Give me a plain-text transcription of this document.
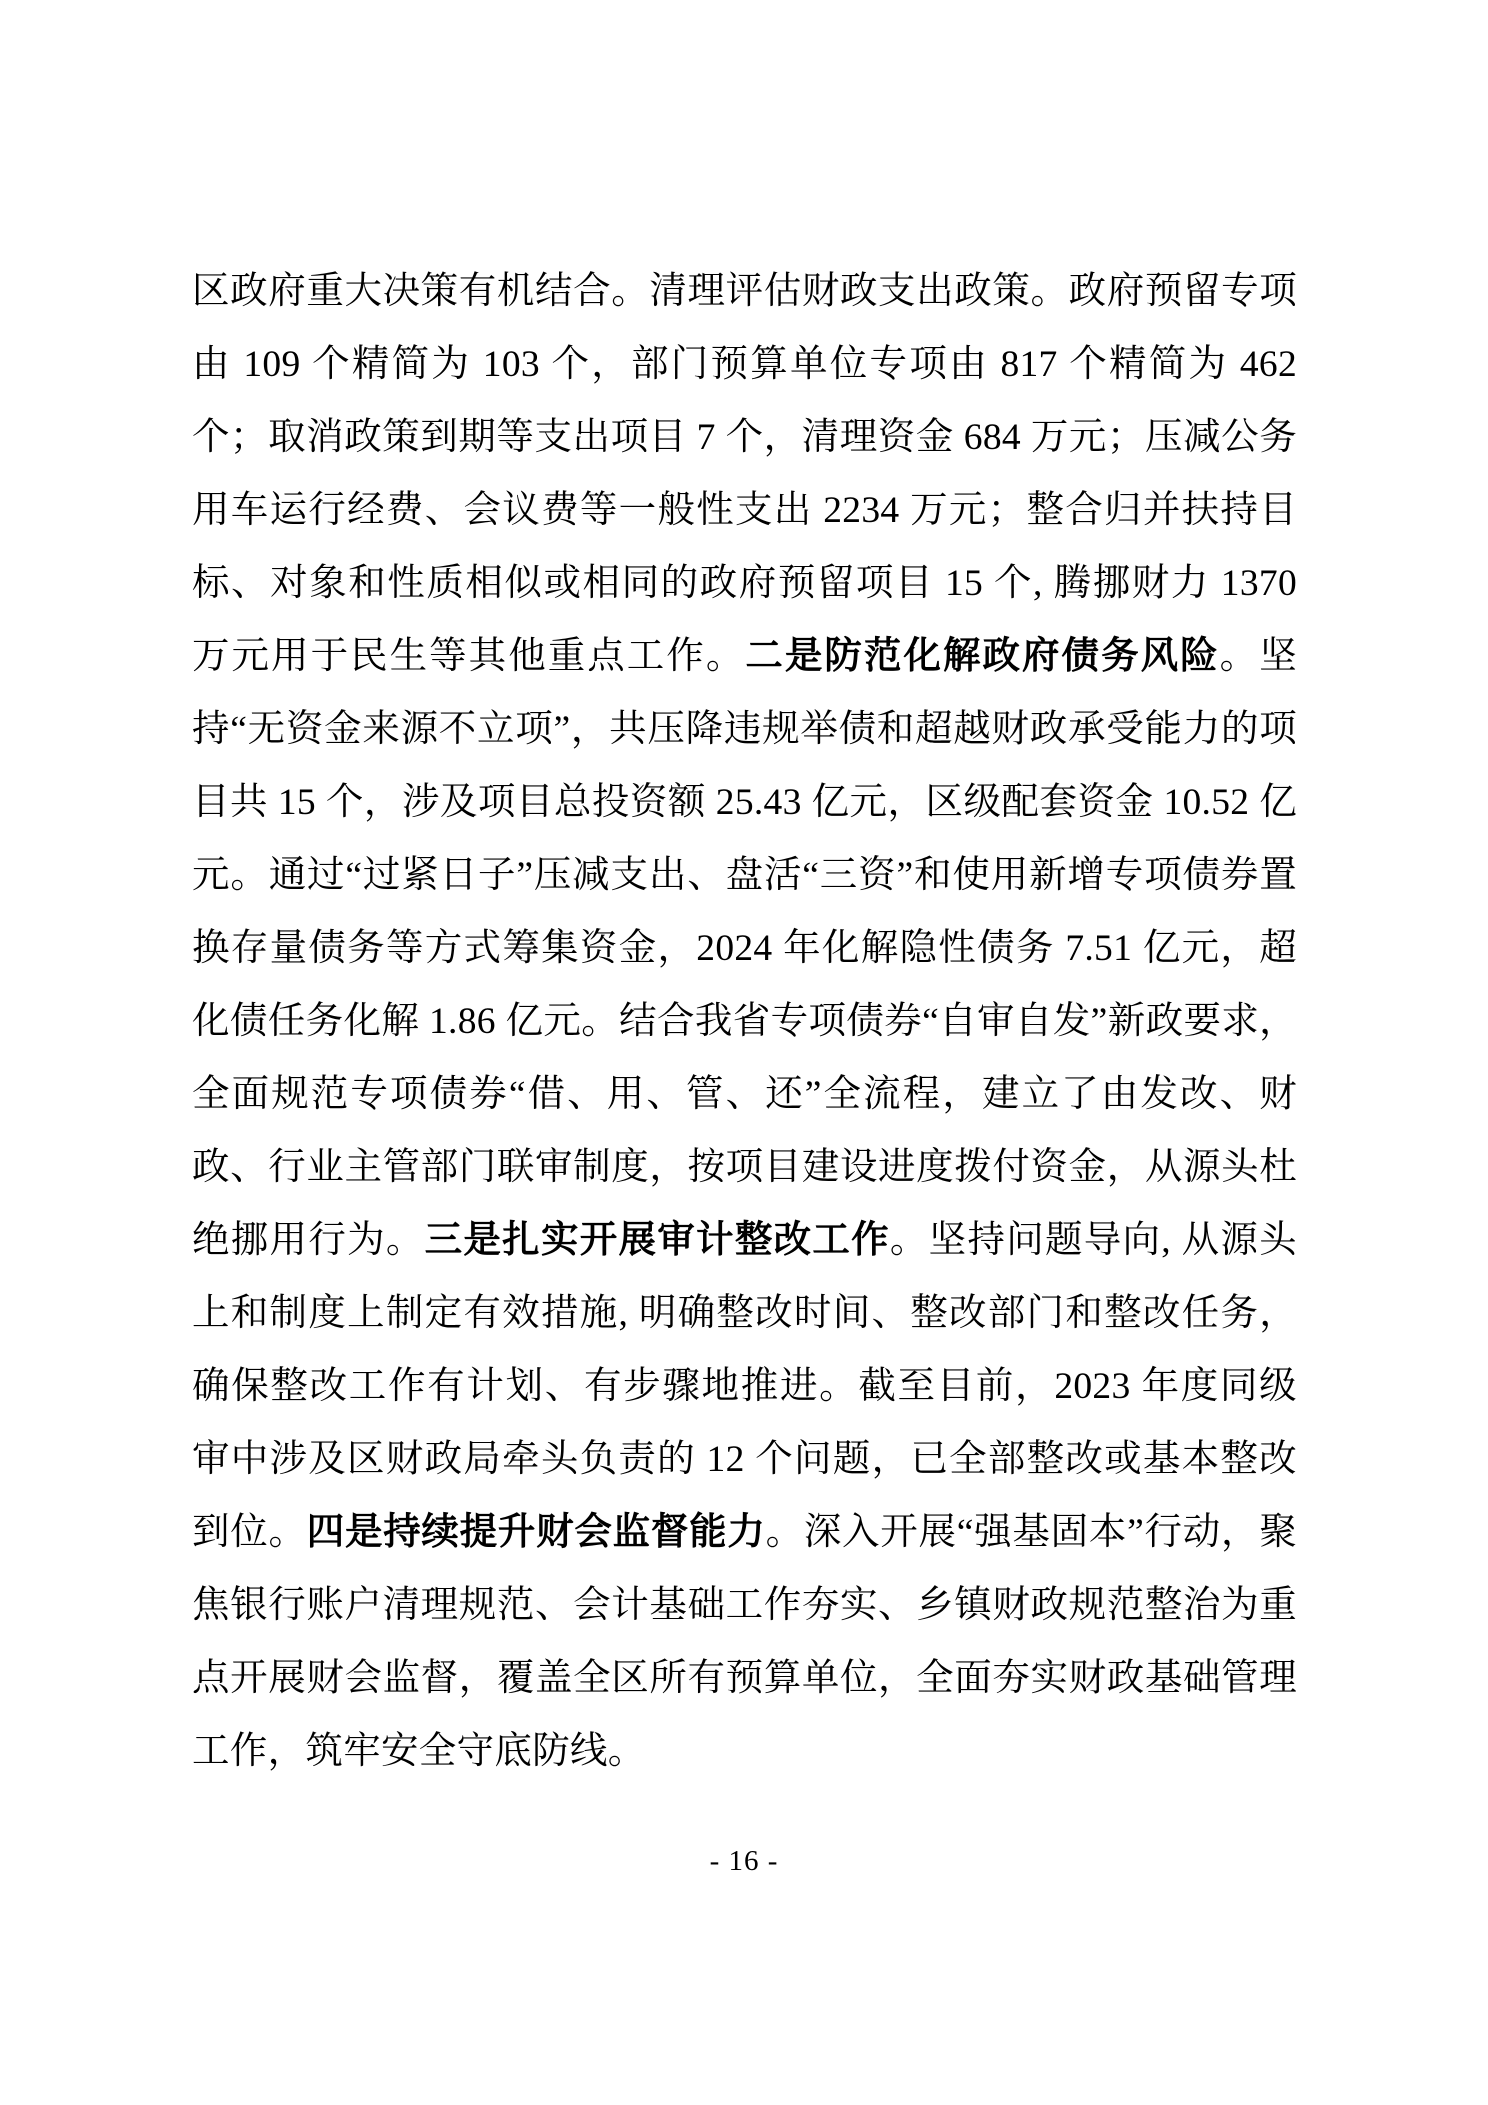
区政府重大决策有机结合。清理评估财政支出政策。政府预留专项由 109 个精简为 103 个，部门预算单位专项由 817 个精简为 462 个；取消政策到期等支出项目 7 个，清理资金 684 万元；压减公务用车运行经费、会议费等一般性支出 2234 万元；整合归并扶持目标、对象和性质相似或相同的政府预留项目 15 个, 腾挪财力 1370 万元用于民生等其他重点工作。二是防范化解政府债务风险。坚持“无资金来源不立项”，共压降违规举债和超越财政承受能力的项目共 15 个，涉及项目总投资额 25.43 亿元，区级配套资金 10.52 亿元。通过“过紧日子”压减支出、盘活“三资”和使用新增专项债券置换存量债务等方式筹集资金，2024 年化解隐性债务 7.51 亿元，超化债任务化解 1.86 亿元。结合我省专项债券“自审自发”新政要求，全面规范专项债券“借、用、管、还”全流程，建立了由发改、财政、行业主管部门联审制度，按项目建设进度拨付资金，从源头杜绝挪用行为。三是扎实开展审计整改工作。坚持问题导向, 从源头上和制度上制定有效措施, 明确整改时间、整改部门和整改任务，确保整改工作有计划、有步骤地推进。截至目前，2023 年度同级审中涉及区财政局牵头负责的 12 个问题，已全部整改或基本整改到位。四是持续提升财会监督能力。深入开展“强基固本”行动，聚焦银行账户清理规范、会计基础工作夯实、乡镇财政规范整治为重点开展财会监督，覆盖全区所有预算单位，全面夯实财政基础管理工作，筑牢安全守底防线。

- 16 -
